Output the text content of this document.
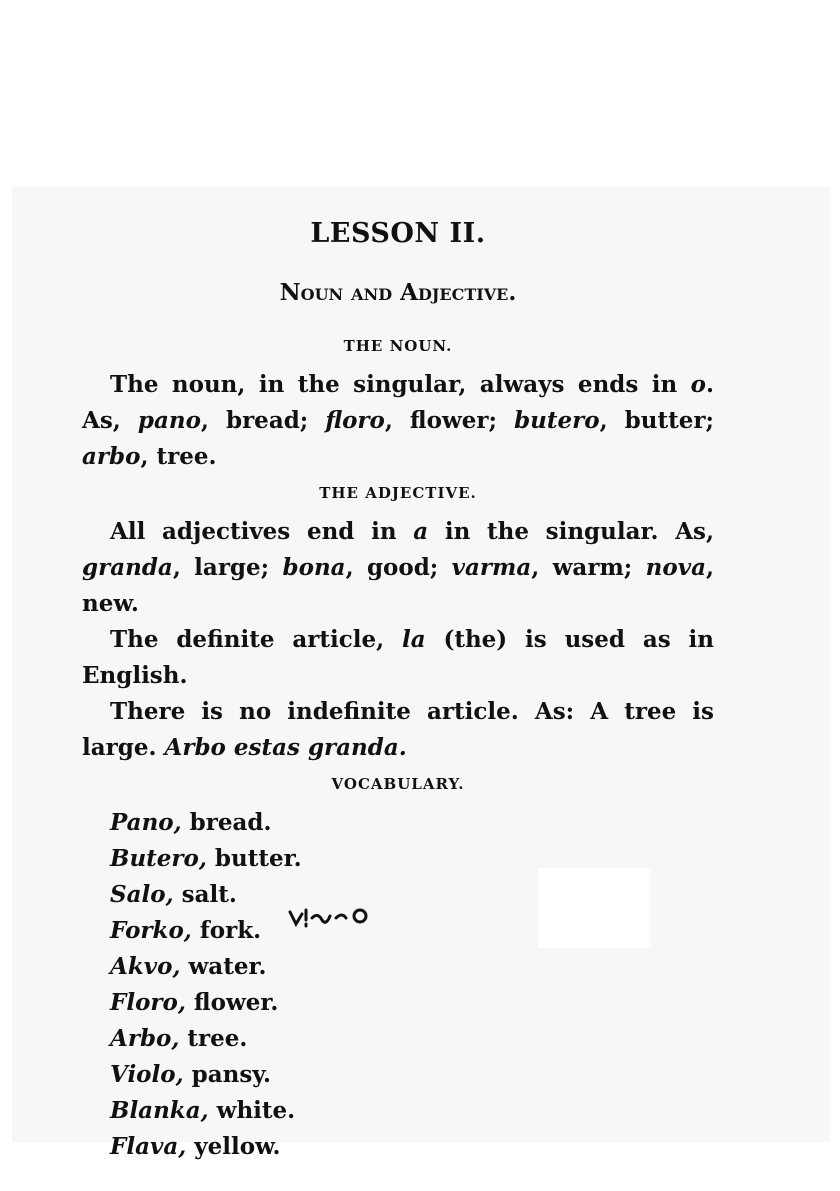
LESSON II.
Noun and Adjective.
THE NOUN.

The noun, in the singular, always ends in o. As, pano, bread; floro, flower; butero, butter; arbo, tree.

THE ADJECTIVE.

All adjectives end in a in the singular. As, granda, large; bona, good; varma, warm; nova, new.

The definite article, la (the) is used as in English.

There is no indefinite article. As: A tree is large. Arbo estas granda.

VOCABULARY.
Pano, bread.
Butero, butter.
Salo, salt.
Forko, fork.
Akvo, water.
Floro, flower.
Arbo, tree.
Violo, pansy.
Blanka, white.
Flava, yellow.
